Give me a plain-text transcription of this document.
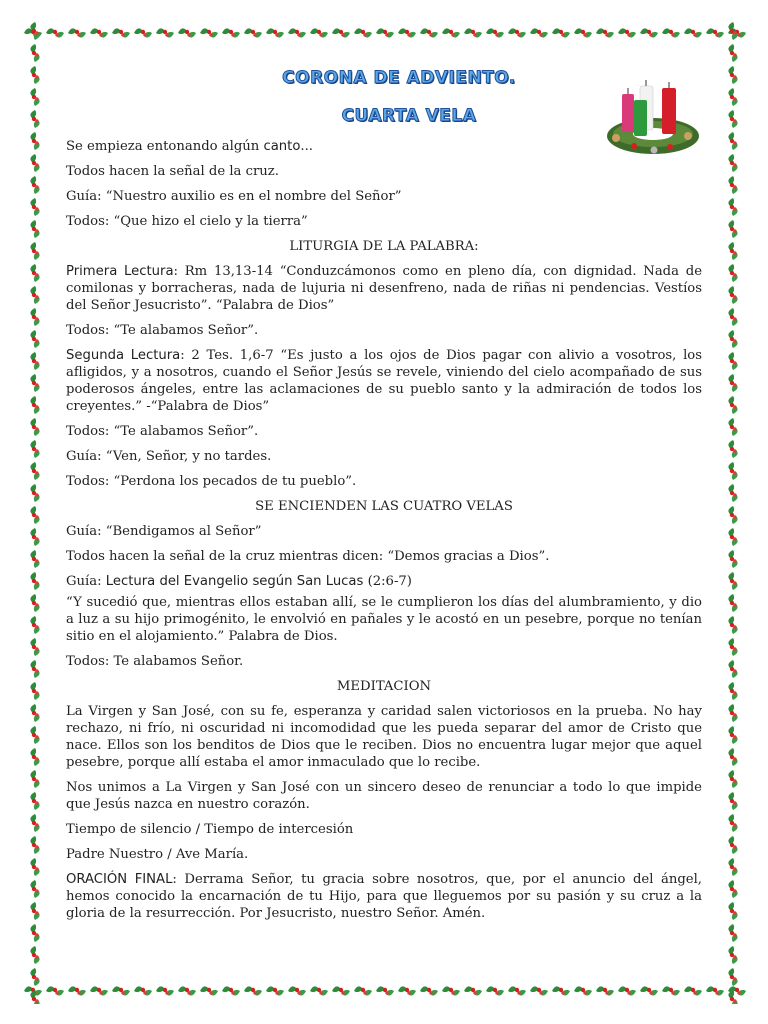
CORONA DE ADVIENTO.
CUARTA VELA

Se empieza entonando algún canto...

Todos hacen la señal de la cruz.

Guía: “Nuestro auxilio es en el nombre del Señor”

Todos: “Que hizo el cielo y la tierra”

LITURGIA DE LA PALABRA:

Primera Lectura: Rm 13,13-14 “Conduzcámonos como en pleno día, con dignidad. Nada de comilonas y borracheras, nada de lujuria ni desenfreno, nada de riñas ni pendencias. Vestíos del Señor Jesucristo”. “Palabra de Dios”

Todos: “Te alabamos Señor”.

Segunda Lectura: 2 Tes. 1,6-7 “Es justo a los ojos de Dios pagar con alivio a vosotros, los afligidos, y a nosotros, cuando el Señor Jesús se revele, viniendo del cielo acompañado de sus poderosos ángeles, entre las aclamaciones de su pueblo santo y la admiración de todos los creyentes.” -“Palabra de Dios”

Todos: “Te alabamos Señor”.

Guía: “Ven, Señor, y no tardes.

Todos: “Perdona los pecados de tu pueblo”.

SE ENCIENDEN LAS CUATRO VELAS

Guía: “Bendigamos al Señor”

Todos hacen la señal de la cruz mientras dicen: “Demos gracias a Dios”.

Guía: Lectura del Evangelio según San Lucas (2:6-7)

“Y sucedió que, mientras ellos estaban allí, se le cumplieron los días del alumbramiento, y dio a luz a su hijo primogénito, le envolvió en pañales y le acostó en un pesebre, porque no tenían sitio en el alojamiento.” Palabra de Dios.

Todos: Te alabamos Señor.

MEDITACION

La Virgen y San José, con su fe, esperanza y caridad salen victoriosos en la prueba. No hay rechazo, ni frío, ni oscuridad ni incomodidad que les pueda separar del amor de Cristo que nace. Ellos son los benditos de Dios que le reciben. Dios no encuentra lugar mejor que aquel pesebre, porque allí estaba el amor inmaculado que lo recibe.

Nos unimos a La Virgen y San José con un sincero deseo de renunciar a todo lo que impide que Jesús nazca en nuestro corazón.

Tiempo de silencio / Tiempo de intercesión

Padre Nuestro / Ave María.

ORACIÓN FINAL: Derrama Señor, tu gracia sobre nosotros, que, por el anuncio del ángel, hemos conocido la encarnación de tu Hijo, para que lleguemos por su pasión y su cruz a la gloria de la resurrección. Por Jesucristo, nuestro Señor. Amén.
